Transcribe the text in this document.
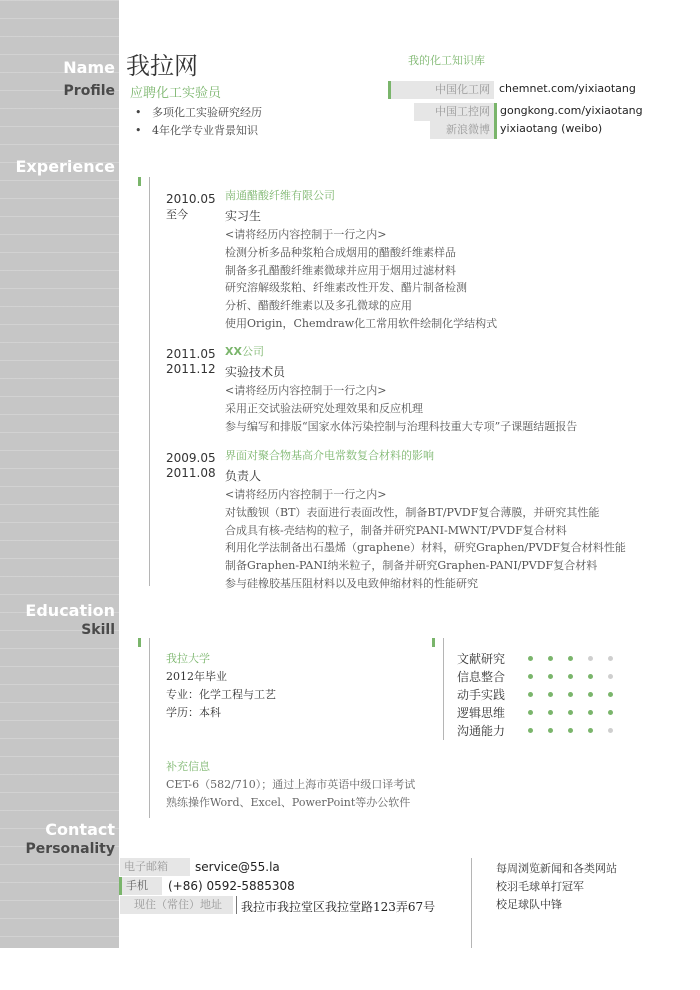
Name
Profile
Experience
Education
Skill
Contact
Personality
我拉网
应聘化工实验员
•   多项化工实验研究经历
•   4年化学专业背景知识
我的化工知识库
中国化工网 chemnet.com/yixiaotang
中国工控网 gongkong.com/yixiaotang
新浪微博 yixiaotang (weibo)
2010.05
至今
南通醋酸纤维有限公司
实习生
<请将经历内容控制于一行之内>
检测分析多品种浆粕合成烟用的醋酸纤维素样品
制备多孔醋酸纤维素微球并应用于烟用过滤材料
研究溶解级浆粕、纤维素改性开发、醋片制备检测
分析、醋酸纤维素以及多孔微球的应用
使用Origin，Chemdraw化工常用软件绘制化学结构式
2011.05
2011.12
XX公司
实验技术员
<请将经历内容控制于一行之内>
采用正交试验法研究处理效果和反应机理
参与编写和排版“国家水体污染控制与治理科技重大专项”子课题结题报告
2009.05
2011.08
界面对聚合物基高介电常数复合材料的影响
负责人
<请将经历内容控制于一行之内>
对钛酸钡（BT）表面进行表面改性，制备BT/PVDF复合薄膜，并研究其性能
合成具有核-壳结构的粒子，制备并研究PANI-MWNT/PVDF复合材料
利用化学法制备出石墨烯（graphene）材料，研究Graphen/PVDF复合材料性能
制备Graphen-PANI纳米粒子，制备并研究Graphen-PANI/PVDF复合材料
参与硅橡胶基压阻材料以及电致伸缩材料的性能研究
我拉大学
2012年毕业
专业：化学工程与工艺
学历：本科
补充信息
CET-6（582/710）；通过上海市英语中级口译考试
熟练操作Word、Excel、PowerPoint等办公软件
文献研究
信息整合
动手实践
逻辑思维
沟通能力
电子邮箱	service@55.la
手机	(+86) 0592-5885308
现住（常住）地址	我拉市我拉堂区我拉堂路123弄67号
每周浏览新闻和各类网站
校羽毛球单打冠军
校足球队中锋
